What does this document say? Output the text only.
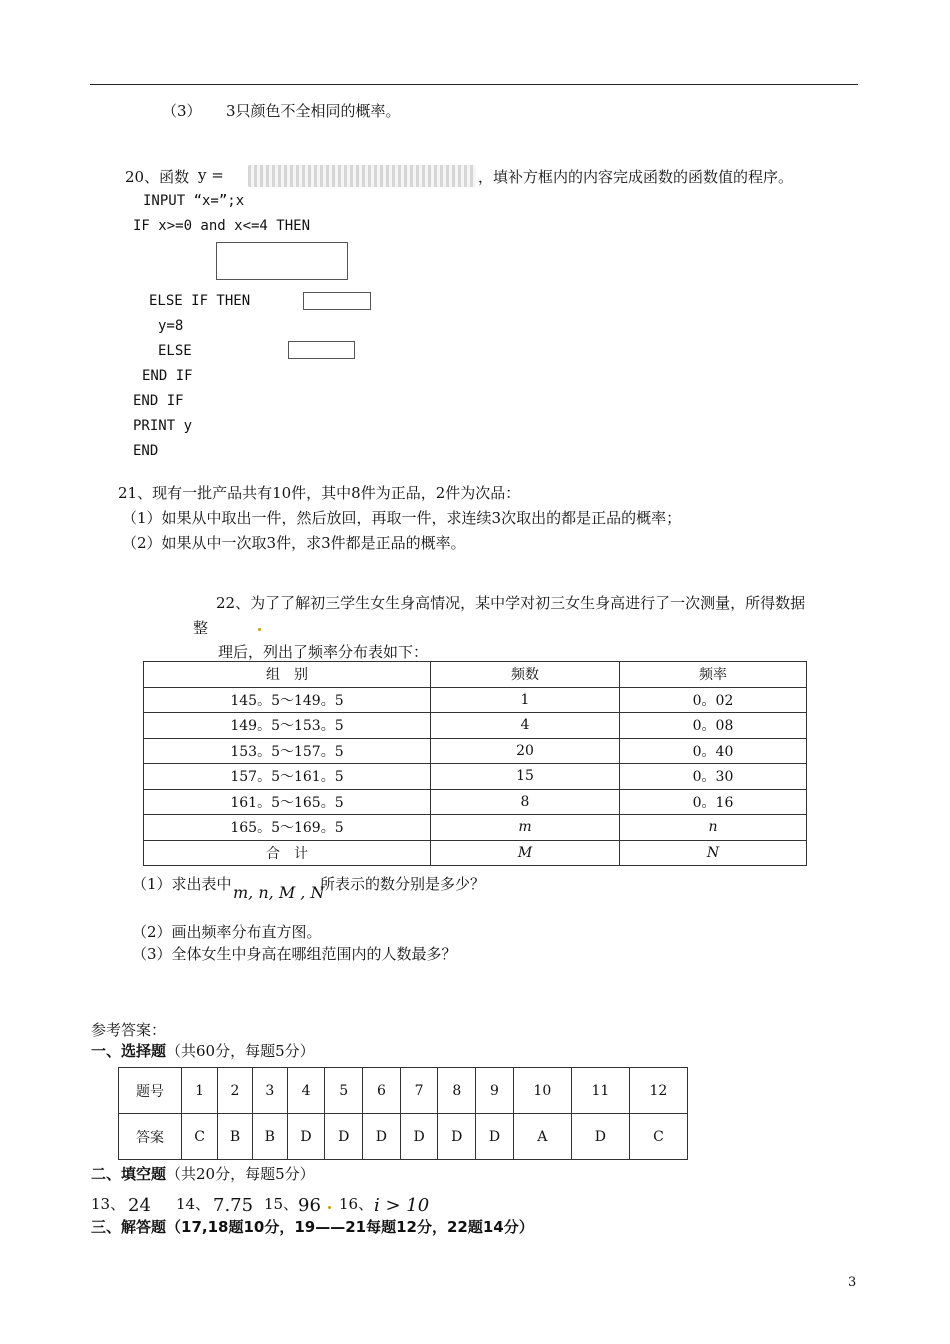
（3） 3只颜色不全相同的概率。
20、函数 y =	，填补方框内的内容完成函数的函数值的程序。
INPUT “x=”;x
IF x>=0 and x<=4 THEN
ELSE IF THEN
y=8
ELSE
END IF
END IF
PRINT y
END
21、现有一批产品共有10件，其中8件为正品，2件为次品：
（1）如果从中取出一件，然后放回，再取一件，求连续3次取出的都是正品的概率；
（2）如果从中一次取3件，求3件都是正品的概率。
22、为了了解初三学生女生身高情况，某中学对初三女生身高进行了一次测量，所得数据
整
理后，列出了频率分布表如下：
组　别	频数	频率
145。5～149。5	1	0。02
149。5～153。5	4	0。08
153。5～157。5	20	0。40
157。5～161。5	15	0。30
161。5～165。5	8	0。16
165。5～169。5	m	n
合　计	M	N
（1）求出表中 m, n, M , N
所表示的数分别是多少？
（2）画出频率分布直方图。
（3）全体女生中身高在哪组范围内的人数最多？
参考答案：
一、选择题（共60分，每题5分）
题号	1	2	3	4	5	6	7	8	9	10	11	12
答案	C	B	B	D	D	D	D	D	D	A	D	C
二、填空题（共20分，每题5分）
13、 24 14、 7.75 15、 96 16、 i > 10
三、解答题（17,18题10分，19——21每题12分，22题14分）
3
